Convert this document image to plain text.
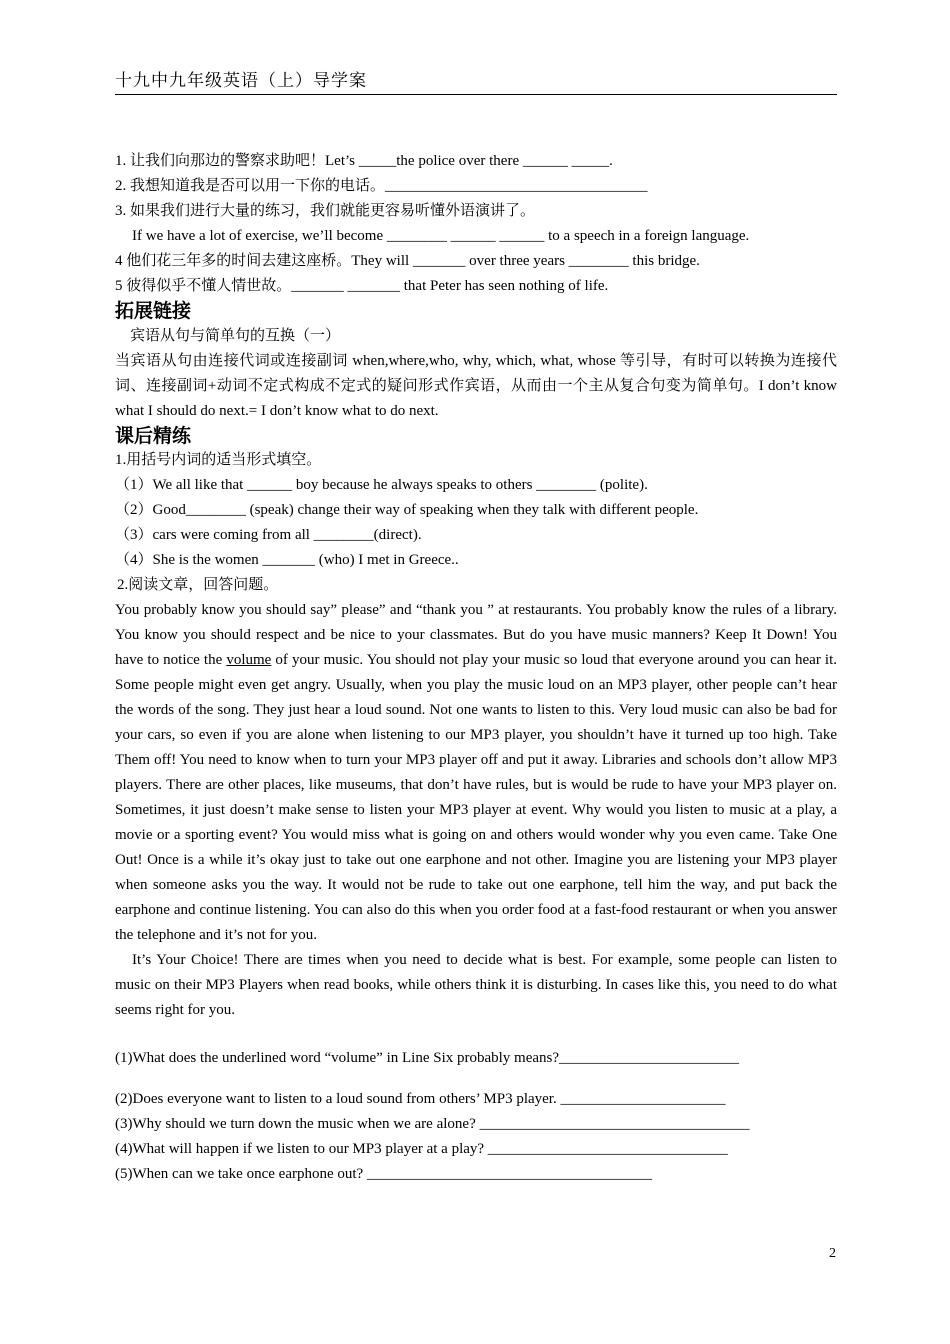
十九中九年级英语（上）导学案
1. 让我们向那边的警察求助吧！Let’s _____the police over there ______ _____.
2. 我想知道我是否可以用一下你的电话。___________________________________
3. 如果我们进行大量的练习，我们就能更容易听懂外语演讲了。
If we have a lot of exercise, we’ll become ________ ______ ______ to a speech in a foreign language.
4 他们花三年多的时间去建这座桥。They will _______ over three years ________ this bridge.
5 彼得似乎不懂人情世故。_______ _______ that Peter has seen nothing of life.
拓展链接
宾语从句与简单句的互换（一）

当宾语从句由连接代词或连接副词 when,where,who, why, which, what, whose 等引导，有时可以转换为连接代词、连接副词+动词不定式构成不定式的疑问形式作宾语，从而由一个主从复合句变为简单句。I don’t know what I should do next.= I don’t know what to do next.

课后精练
1.用括号内词的适当形式填空。
（1）We all like that ______ boy because he always speaks to others ________ (polite).
（2）Good________ (speak) change their way of speaking when they talk with different people.
（3）cars were coming from all ________(direct).
（4）She is the women _______ (who) I met in Greece..
2.阅读文章，回答问题。

You probably know you should say” please” and “thank you ” at restaurants. You probably know the rules of a library. You know you should respect and be nice to your classmates. But do you have music manners? Keep It Down! You have to notice the volume of your music. You should not play your music so loud that everyone around you can hear it. Some people might even get angry. Usually, when you play the music loud on an MP3 player, other people can’t hear the words of the song. They just hear a loud sound. Not one wants to listen to this. Very loud music can also be bad for your cars, so even if you are alone when listening to our MP3 player, you shouldn’t have it turned up too high. Take Them off! You need to know when to turn your MP3 player off and put it away. Libraries and schools don’t allow MP3 players. There are other places, like museums, that don’t have rules, but is would be rude to have your MP3 player on. Sometimes, it just doesn’t make sense to listen your MP3 player at event. Why would you listen to music at a play, a movie or a sporting event? You would miss what is going on and others would wonder why you even came. Take One Out! Once is a while it’s okay just to take out one earphone and not other. Imagine you are listening your MP3 player when someone asks you the way. It would not be rude to take out one earphone, tell him the way, and put back the earphone and continue listening. You can also do this when you order food at a fast-food restaurant or when you answer the telephone and it’s not for you.

It’s Your Choice! There are times when you need to decide what is best. For example, some people can listen to music on their MP3 Players when read books, while others think it is disturbing. In cases like this, you need to do what seems right for you.

(1)What does the underlined word “volume” in Line Six probably means?________________________
(2)Does everyone want to listen to a loud sound from others’ MP3 player. ______________________
(3)Why should we turn down the music when we are alone? ____________________________________
(4)What will happen if we listen to our MP3 player at a play? ________________________________
(5)When can we take once earphone out? ______________________________________
2
